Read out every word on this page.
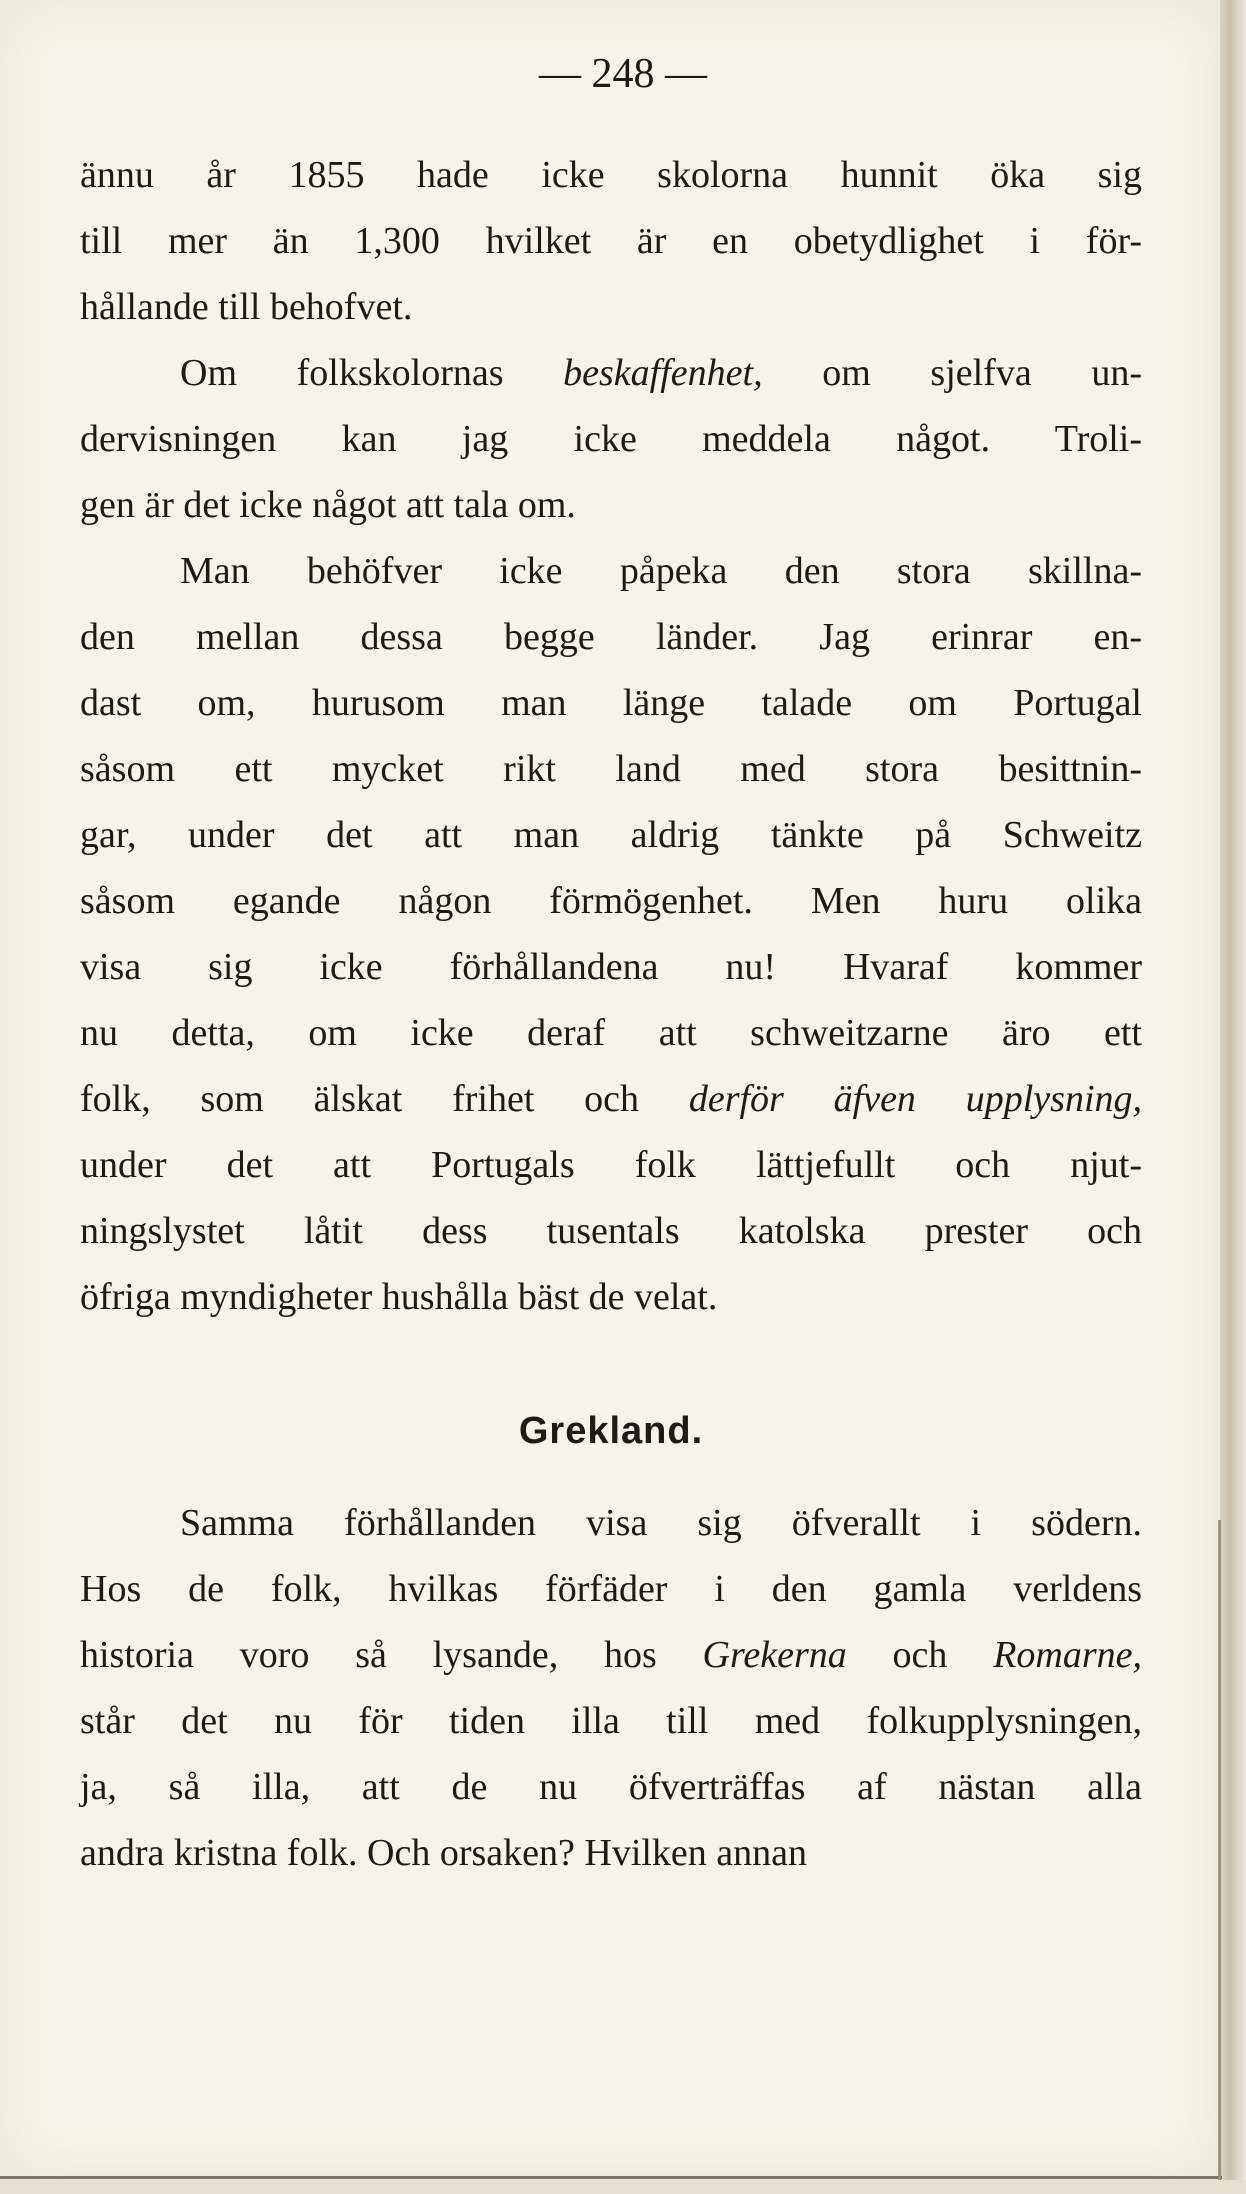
— 248 —

ännu år 1855 hade icke skolorna hunnit öka sig
till mer än 1,300 hvilket är en obetydlighet i för-
hållande till behofvet.

Om folkskolornas beskaffenhet, om sjelfva un-
dervisningen kan jag icke meddela något. Troli-
gen är det icke något att tala om.

Man behöfver icke påpeka den stora skillna-
den mellan dessa begge länder. Jag erinrar en-
dast om, hurusom man länge talade om Portugal
såsom ett mycket rikt land med stora besittnin-
gar, under det att man aldrig tänkte på Schweitz
såsom egande någon förmögenhet. Men huru olika
visa sig icke förhållandena nu! Hvaraf kommer
nu detta, om icke deraf att schweitzarne äro ett
folk, som älskat frihet och derför äfven upplysning,
under det att Portugals folk lättjefullt och njut-
ningslystet låtit dess tusentals katolska prester och
öfriga myndigheter hushålla bäst de velat.

Grekland.

Samma förhållanden visa sig öfverallt i södern.
Hos de folk, hvilkas förfäder i den gamla verldens
historia voro så lysande, hos Grekerna och Romarne,
står det nu för tiden illa till med folkupplysningen,
ja, så illa, att de nu öfverträffas af nästan alla
andra kristna folk. Och orsaken? Hvilken annan
